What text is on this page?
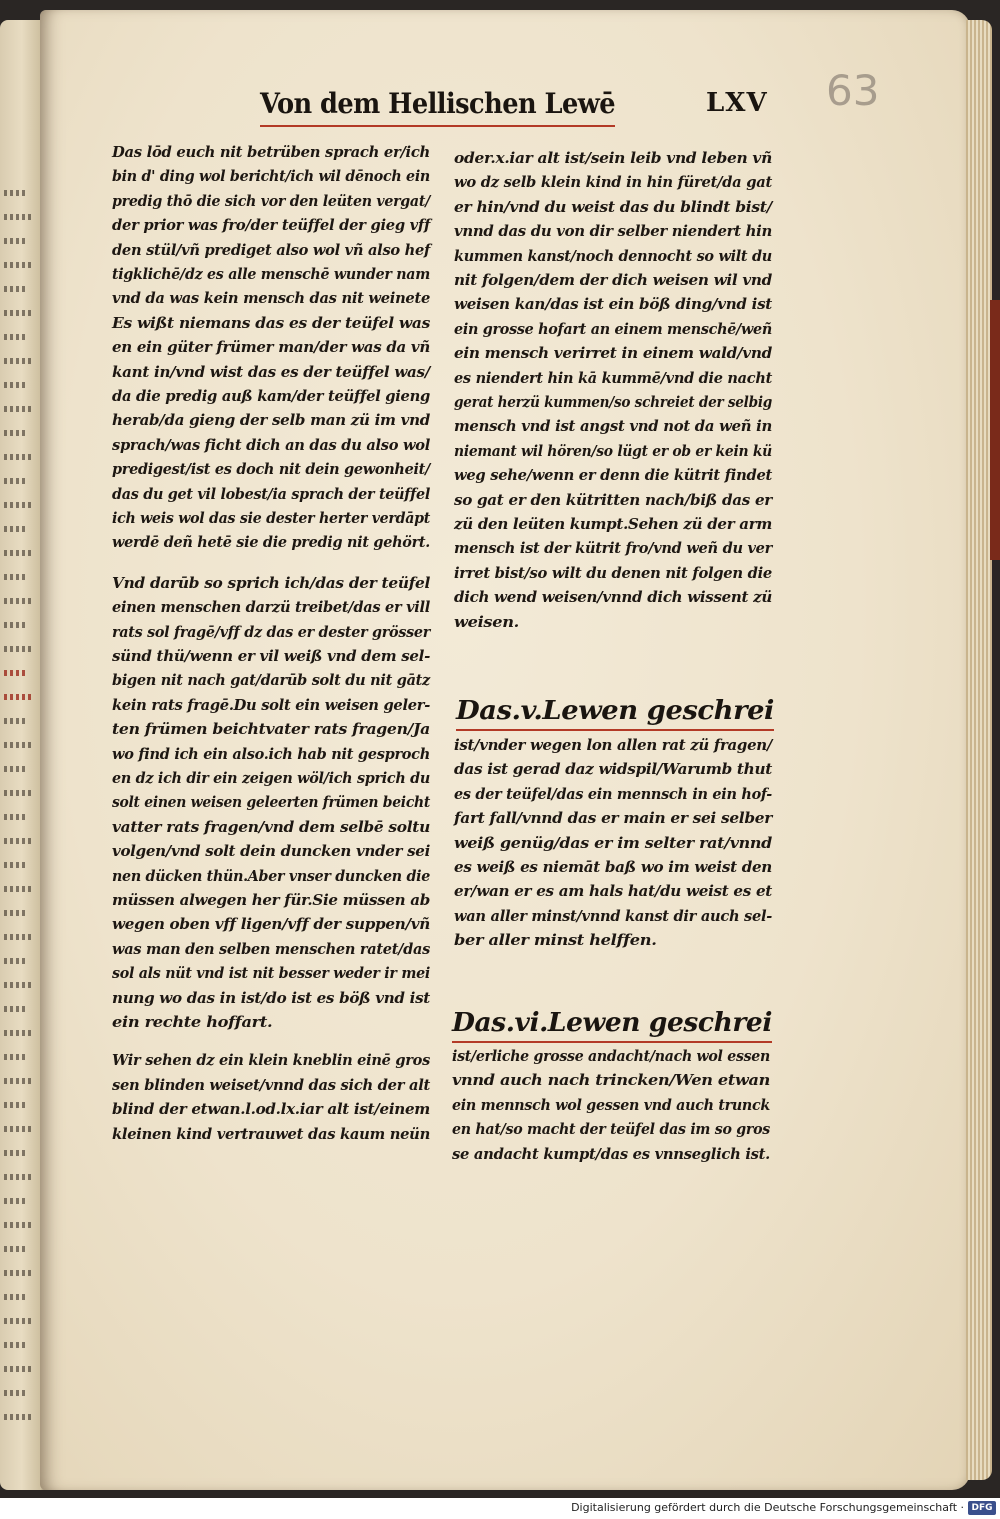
Von dem Hellischen Lewē	LXV 63

Das lōd euch nit betrüben sprach er/ich

bin d' ding wol bericht/ich wil dēnoch ein

predig thō die sich vor den leüten vergat/

der prior was fro/der teüffel der gieg vff

den stül/vñ prediget also wol vñ also hef

tigklichē/dz es alle menschē wunder nam

vnd da was kein mensch das nit weinete

Es wißt niemans das es der teüfel was

en ein güter frümer man/der was da vñ

kant in/vnd wist das es der teüffel was/

da die predig auß kam/der teüffel gieng

herab/da gieng der selb man zü im vnd

sprach/was ficht dich an das du also wol

predigest/ist es doch nit dein gewonheit/

das du get vil lobest/ia sprach der teüffel

ich weis wol das sie dester herter verdāpt

werdē deñ hetē sie die predig nit gehört.

Vnd darūb so sprich ich/das der teüfel

einen menschen darzü treibet/das er vill

rats sol fragē/vff dz das er dester grösser

sünd thü/wenn er vil weiß vnd dem sel-

bigen nit nach gat/darūb solt du nit gātz

kein rats fragē.Du solt ein weisen geler-

ten frümen beichtvater rats fragen/Ja

wo find ich ein also.ich hab nit gesproch

en dz ich dir ein zeigen wöl/ich sprich du

solt einen weisen geleerten frümen beicht

vatter rats fragen/vnd dem selbē soltu

volgen/vnd solt dein duncken vnder sei

nen dücken thün.Aber vnser duncken die

müssen alwegen her für.Sie müssen ab

wegen oben vff ligen/vff der suppen/vñ

was man den selben menschen ratet/das

sol als nüt vnd ist nit besser weder ir mei

nung wo das in ist/do ist es böß vnd ist

ein rechte hoffart.

Wir sehen dz ein klein kneblin einē gros

sen blinden weiset/vnnd das sich der alt

blind der etwan.l.od.lx.iar alt ist/einem

kleinen kind vertrauwet das kaum neün

Das.v.Lewen geschrei

Das.vi.Lewen geschrei

oder.x.iar alt ist/sein leib vnd leben vñ

wo dz selb klein kind in hin füret/da gat

er hin/vnd du weist das du blindt bist/

vnnd das du von dir selber niendert hin

kummen kanst/noch dennocht so wilt du

nit folgen/dem der dich weisen wil vnd

weisen kan/das ist ein böß ding/vnd ist

ein grosse hofart an einem menschē/weñ

ein mensch verirret in einem wald/vnd

es niendert hin kā kummē/vnd die nacht

gerat herzü kummen/so schreiet der selbig

mensch vnd ist angst vnd not da weñ in

niemant wil hören/so lügt er ob er kein kü

weg sehe/wenn er denn die kütrit findet

so gat er den kütritten nach/biß das er

zü den leüten kumpt.Sehen zü der arm

mensch ist der kütrit fro/vnd weñ du ver

irret bist/so wilt du denen nit folgen die

dich wend weisen/vnnd dich wissent zü

weisen.

ist/vnder wegen lon allen rat zü fragen/

das ist gerad daz widspil/Warumb thut

es der teüfel/das ein mennsch in ein hof-

fart fall/vnnd das er main er sei selber

weiß genüg/das er im selter rat/vnnd

es weiß es niemāt baß wo im weist den

er/wan er es am hals hat/du weist es et

wan aller minst/vnnd kanst dir auch sel-

ber aller minst helffen.

ist/erliche grosse andacht/nach wol essen

vnnd auch nach trincken/Wen etwan

ein mennsch wol gessen vnd auch trunck

en hat/so macht der teüfel das im so gros

se andacht kumpt/das es vnnseglich ist.

Digitalisierung gefördert durch die Deutsche Forschungsgemeinschaft · DFG
